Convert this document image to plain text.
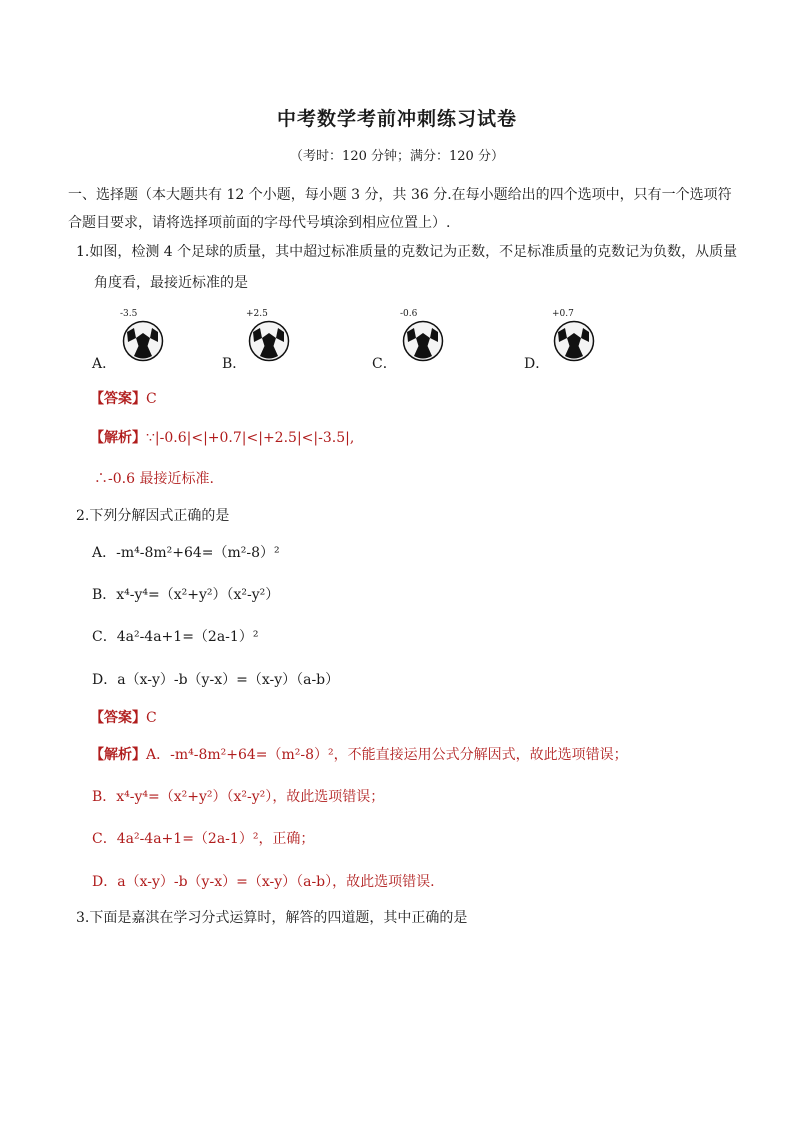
中考数学考前冲刺练习试卷
（考时：120 分钟；满分：120 分）
一、选择题（本大题共有 12 个小题，每小题 3 分，共 36 分.在每小题给出的四个选项中，只有一个选项符
合题目要求，请将选择项前面的字母代号填涂到相应位置上）.
1.如图，检测 4 个足球的质量，其中超过标准质量的克数记为正数，不足标准质量的克数记为负数，从质量
角度看，最接近标准的是
A．
-3.5
B．
+2.5
C．
-0.6
D．
+0.7
【答案】C
【解析】∵|-0.6|<|+0.7|<|+2.5|<|-3.5|,
∴-0.6 最接近标准.
2.下列分解因式正确的是
A．-m⁴-8m²+64=（m²-8）²
B．x⁴-y⁴=（x²+y²）（x²-y²）
C．4a²-4a+1=（2a-1）²
D．a（x-y）-b（y-x）=（x-y）（a-b）
【答案】C
【解析】A．-m⁴-8m²+64=（m²-8）²，不能直接运用公式分解因式，故此选项错误；
B．x⁴-y⁴=（x²+y²）（x²-y²），故此选项错误；
C．4a²-4a+1=（2a-1）²，正确；
D．a（x-y）-b（y-x）=（x-y）（a-b），故此选项错误.
3.下面是嘉淇在学习分式运算时，解答的四道题，其中正确的是
